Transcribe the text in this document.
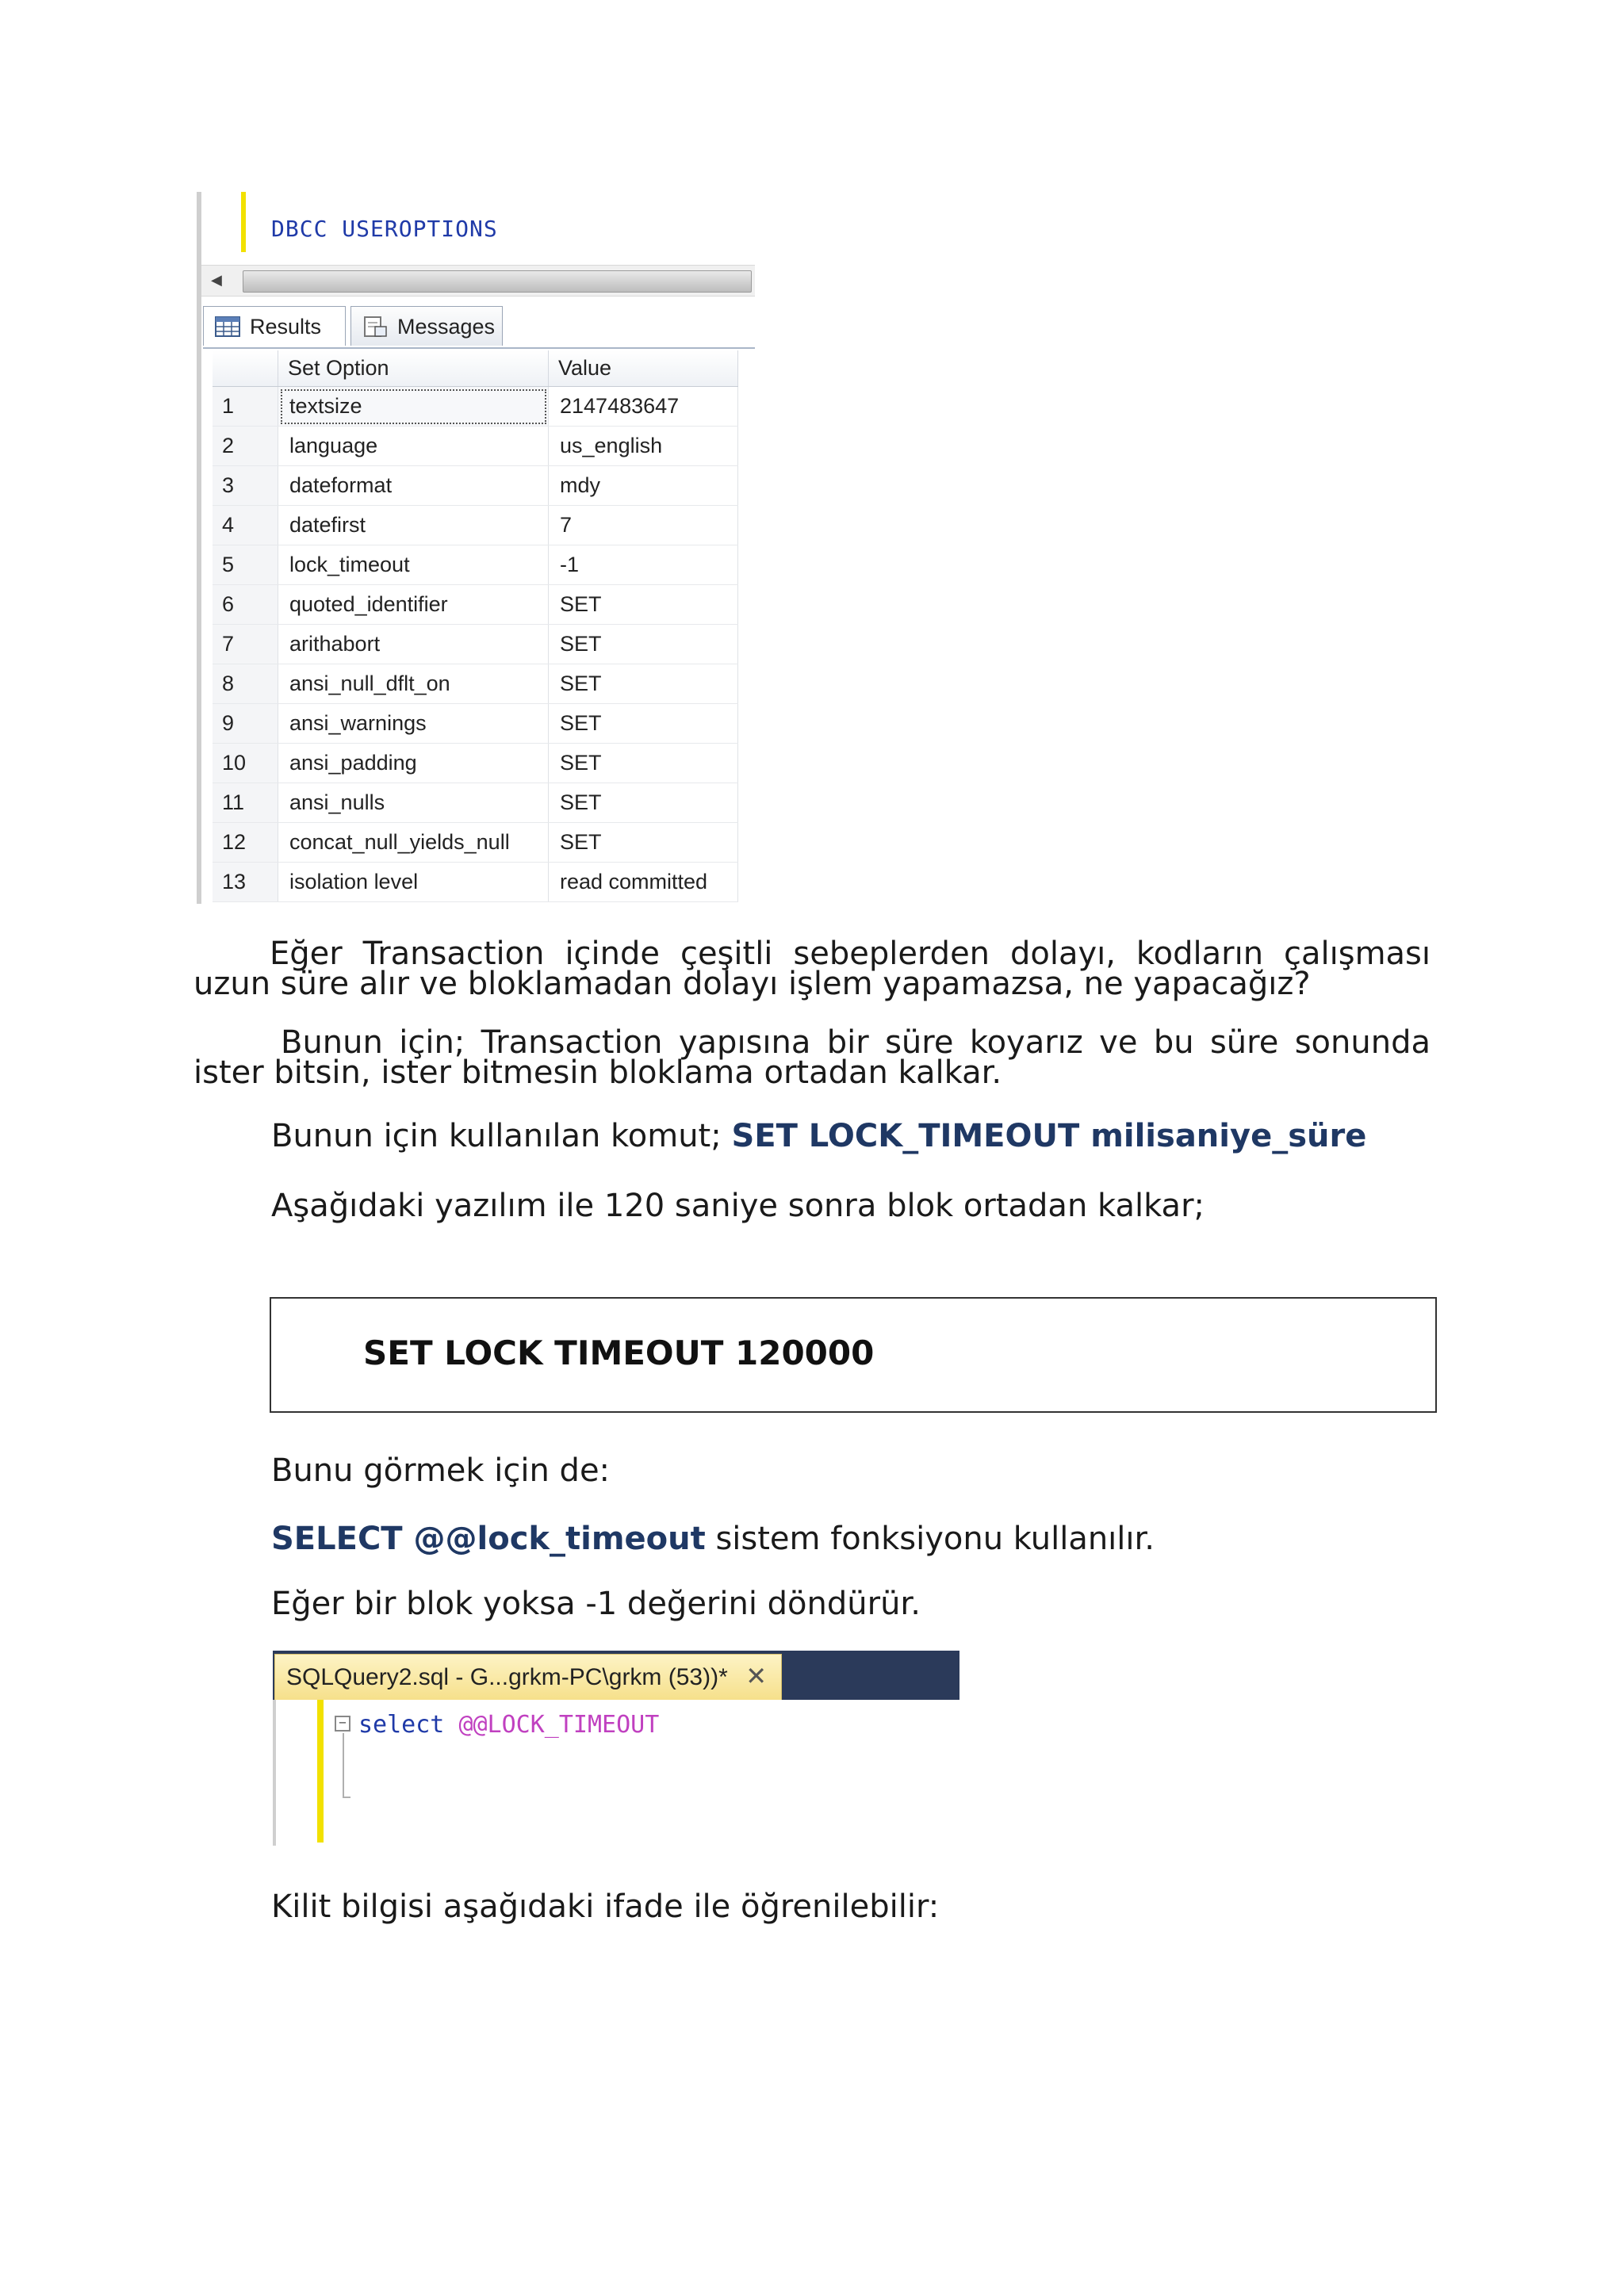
DBCC USEROPTIONS
◀
Results	Messages
	Set Option	Value
1	textsize	2147483647
2	language	us_english
3	dateformat	mdy
4	datefirst	7
5	lock_timeout	-1
6	quoted_identifier	SET
7	arithabort	SET
8	ansi_null_dflt_on	SET
9	ansi_warnings	SET
10	ansi_padding	SET
11	ansi_nulls	SET
12	concat_null_yields_null	SET
13	isolation level	read committed
Eğer Transaction içinde çeşitli sebeplerden dolayı, kodların çalışması uzun süre alır ve bloklamadan dolayı işlem yapamazsa, ne yapacağız?
Bunun için; Transaction yapısına bir süre koyarız ve bu süre sonunda ister bitsin, ister bitmesin bloklama ortadan kalkar.
Bunun için kullanılan komut; SET LOCK_TIMEOUT milisaniye_süre
Aşağıdaki yazılım ile 120 saniye sonra blok ortadan kalkar;
SET LOCK TIMEOUT 120000
Bunu görmek için de:
SELECT @@lock_timeout sistem fonksiyonu kullanılır.
Eğer bir blok yoksa -1 değerini döndürür.
SQLQuery2.sql - G...grkm-PC\grkm (53))* ✕
− select @@LOCK_TIMEOUT
Kilit bilgisi aşağıdaki ifade ile öğrenilebilir:
